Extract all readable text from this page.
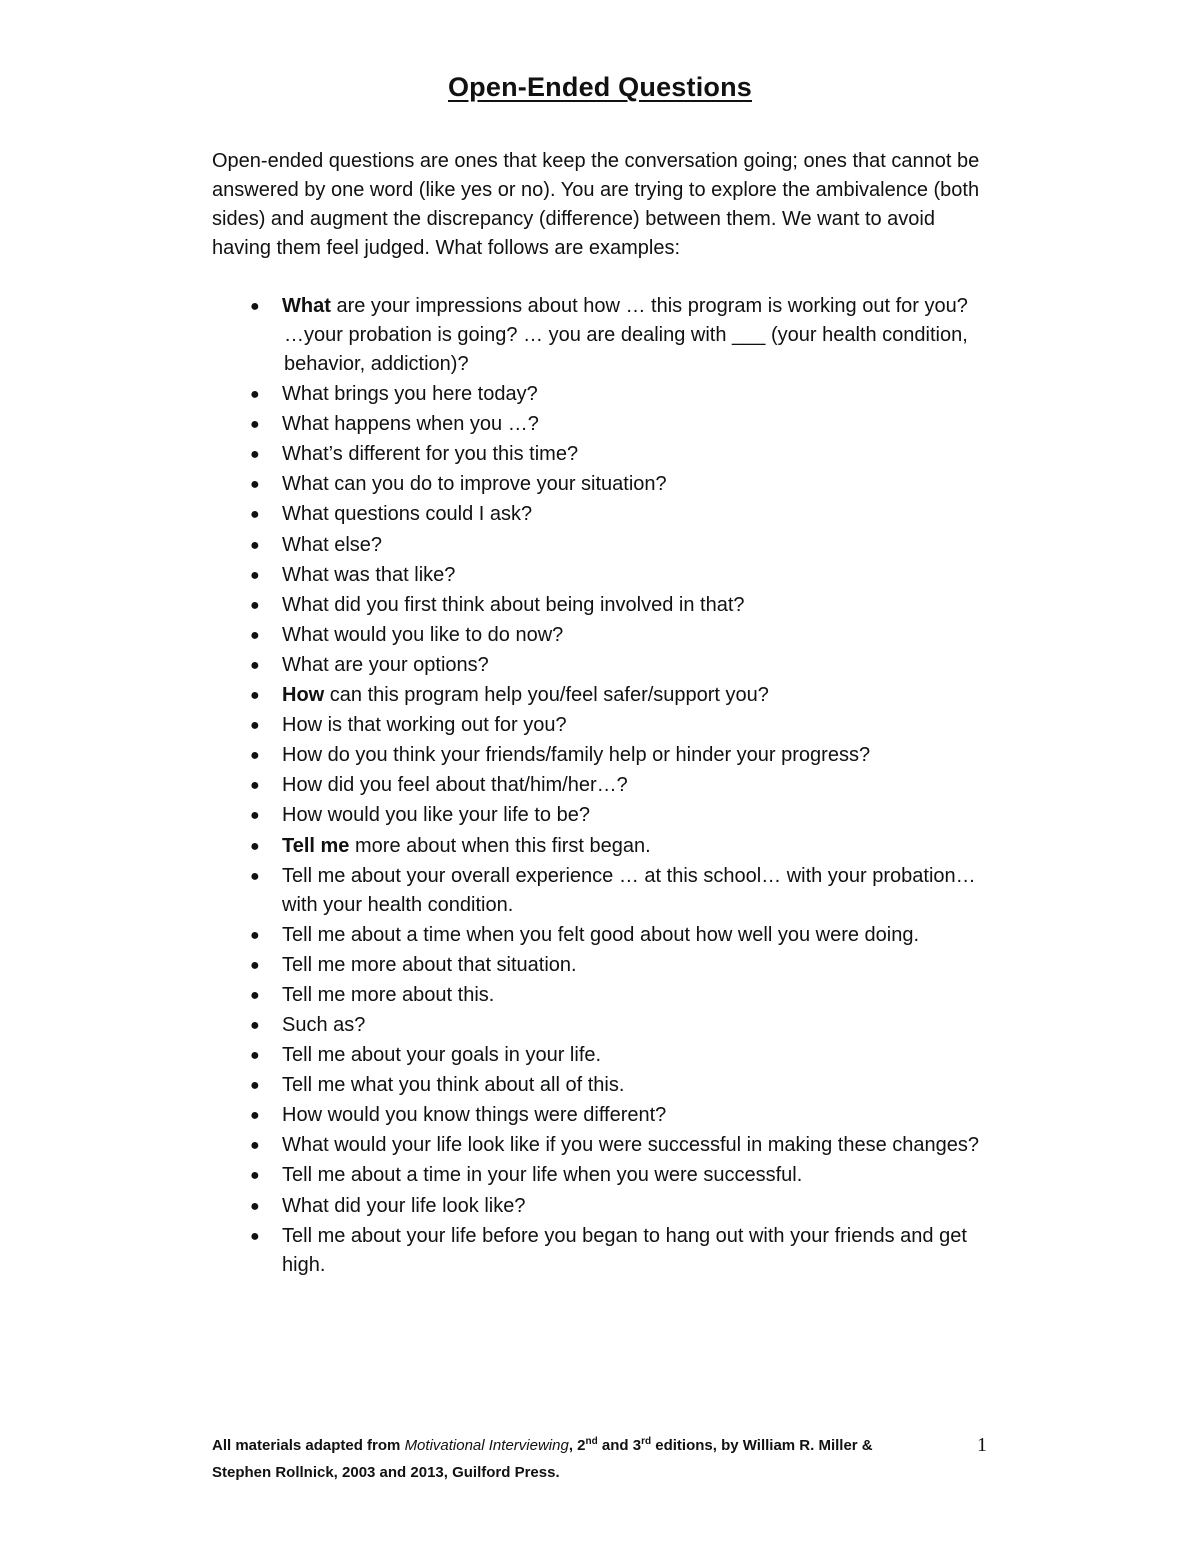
Open-Ended Questions

Open-ended questions are ones that keep the conversation going; ones that cannot be answered by one word (like yes or no). You are trying to explore the ambivalence (both sides) and augment the discrepancy (difference) between them. We want to avoid having them feel judged. What follows are examples:

● What are your impressions about how … this program is working out for you?
…your probation is going? … you are dealing with ___ (your health condition, behavior, addiction)?
● What brings you here today?
● What happens when you …?
● What’s different for you this time?
● What can you do to improve your situation?
● What questions could I ask?
● What else?
● What was that like?
● What did you first think about being involved in that?
● What would you like to do now?
● What are your options?
● How can this program help you/feel safer/support you?
● How is that working out for you?
● How do you think your friends/family help or hinder your progress?
● How did you feel about that/him/her…?
● How would you like your life to be?
● Tell me more about when this first began.
● Tell me about your overall experience … at this school… with your probation… with your health condition.
● Tell me about a time when you felt good about how well you were doing.
● Tell me more about that situation.
● Tell me more about this.
● Such as?
● Tell me about your goals in your life.
● Tell me what you think about all of this.
● How would you know things were different?
● What would your life look like if you were successful in making these changes?
● Tell me about a time in your life when you were successful.
● What did your life look like?
● Tell me about your life before you began to hang out with your friends and get high.
All materials adapted from Motivational Interviewing, 2nd and 3rd editions, by William R. Miller & Stephen Rollnick, 2003 and 2013, Guilford Press.
1
